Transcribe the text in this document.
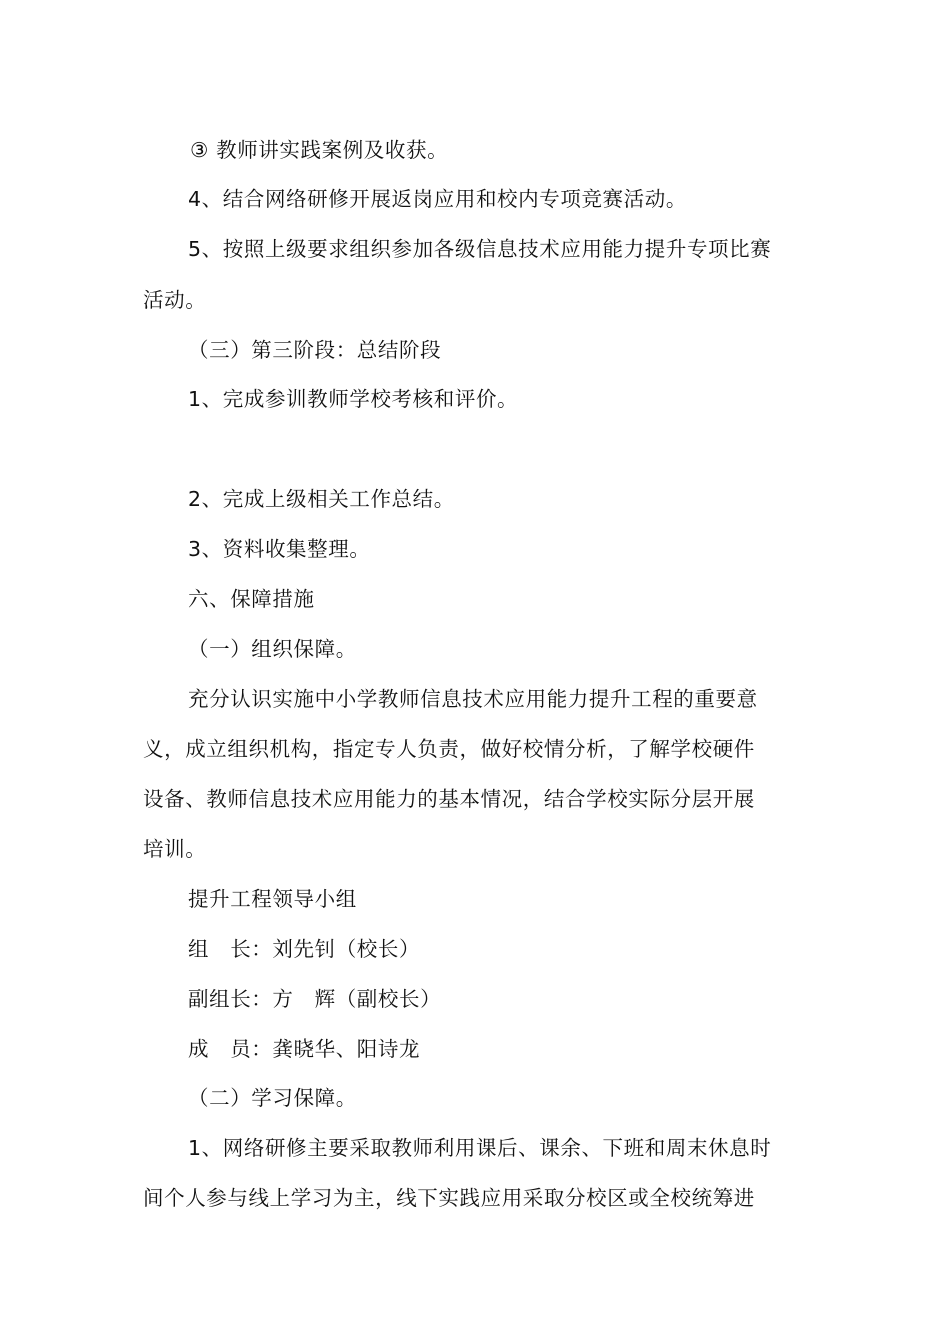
③ 教师讲实践案例及收获。
4、结合网络研修开展返岗应用和校内专项竞赛活动。
5、按照上级要求组织参加各级信息技术应用能力提升专项比赛
活动。
（三）第三阶段：总结阶段
1、完成参训教师学校考核和评价。
2、完成上级相关工作总结。
3、资料收集整理。
六、保障措施
（一）组织保障。
充分认识实施中小学教师信息技术应用能力提升工程的重要意
义，成立组织机构，指定专人负责，做好校情分析，了解学校硬件
设备、教师信息技术应用能力的基本情况，结合学校实际分层开展
培训。
提升工程领导小组
组　长：刘先钊（校长）
副组长：方　辉（副校长）
成　员：龚晓华、阳诗龙
（二）学习保障。
1、网络研修主要采取教师利用课后、课余、下班和周末休息时
间个人参与线上学习为主，线下实践应用采取分校区或全校统筹进
